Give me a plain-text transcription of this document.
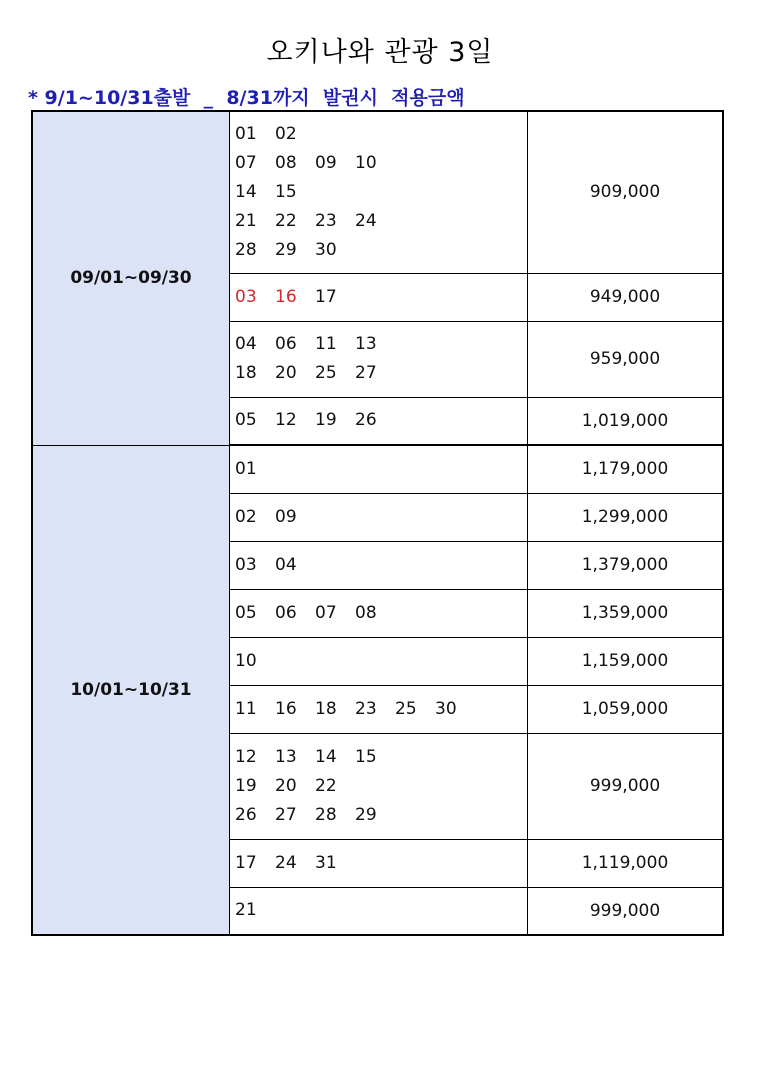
오키나와 관광 3일
* 9/1~10/31출발  _  8/31까지  발권시  적용금액
09/01~09/30	01 02
07 08 09 10
14 15
21 22 23 24
28 29 30	909,000

	03 16 17	949,000

	04 06 11 13
18 20 25 27	959,000

	05 12 19 26	1,019,000
10/01~10/31	01	1,179,000

	02 09	1,299,000

	03 04	1,379,000

	05 06 07 08	1,359,000

	10	1,159,000

	11 16 18 23 25 30	1,059,000

	12 13 14 15
19 20 22
26 27 28 29	999,000

	17 24 31	1,119,000

	21	999,000
